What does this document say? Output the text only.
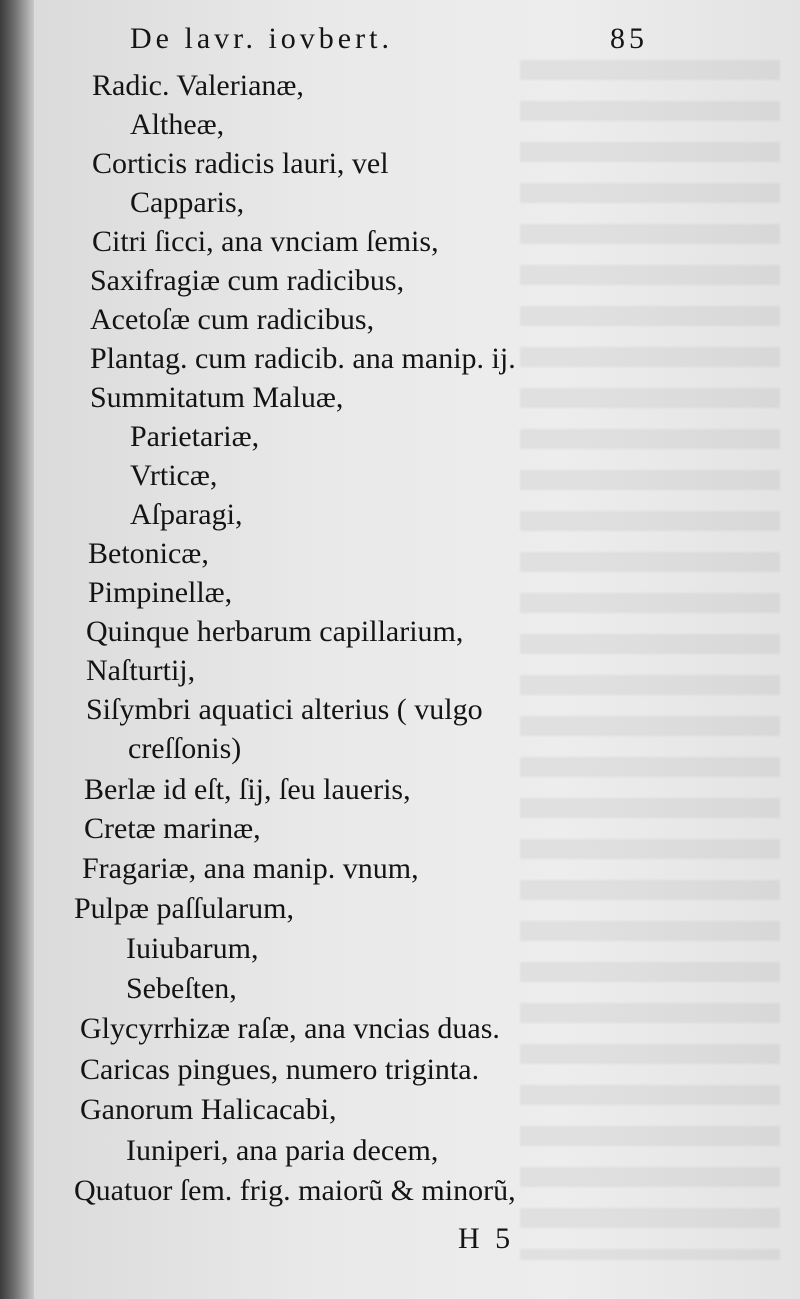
De lavr. iovbert.	85
Radic. Valerianæ,
Altheæ,
Corticis radicis lauri, vel
Capparis,
Citri ſicci, ana vnciam ſemis,
Saxifragiæ cum radicibus,
Acetoſæ cum radicibus,
Plantag. cum radicib. ana manip. ij.
Summitatum Maluæ,
Parietariæ,
Vrticæ,
Aſparagi,
Betonicæ,
Pimpinellæ,
Quinque herbarum capillarium,
Naſturtij,
Siſymbri aquatici alterius ( vulgo
creſſonis)
Berlæ id eſt, ſij, ſeu laueris,
Cretæ marinæ,
Fragariæ, ana manip. vnum,
Pulpæ paſſularum,
Iuiubarum,
Sebeſten,
Glycyrrhizæ raſæ, ana vncias duas.
Caricas pingues, numero triginta.
Ganorum Halicacabi,
Iuniperi, ana paria decem,
Quatuor ſem. frig. maiorũ & minorũ,
H 5
